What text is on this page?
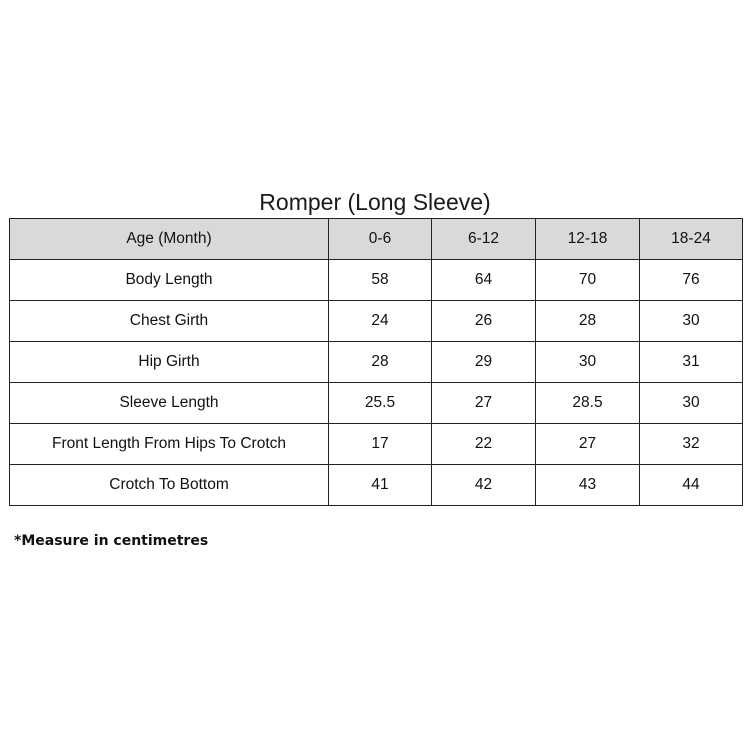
Romper (Long Sleeve)
Age (Month)	0-6	6-12	12-18	18-24
Body Length	58	64	70	76
Chest Girth	24	26	28	30
Hip Girth	28	29	30	31
Sleeve Length	25.5	27	28.5	30
Front Length From Hips To Crotch	17	22	27	32
Crotch To Bottom	41	42	43	44
*Measure in centimetres
